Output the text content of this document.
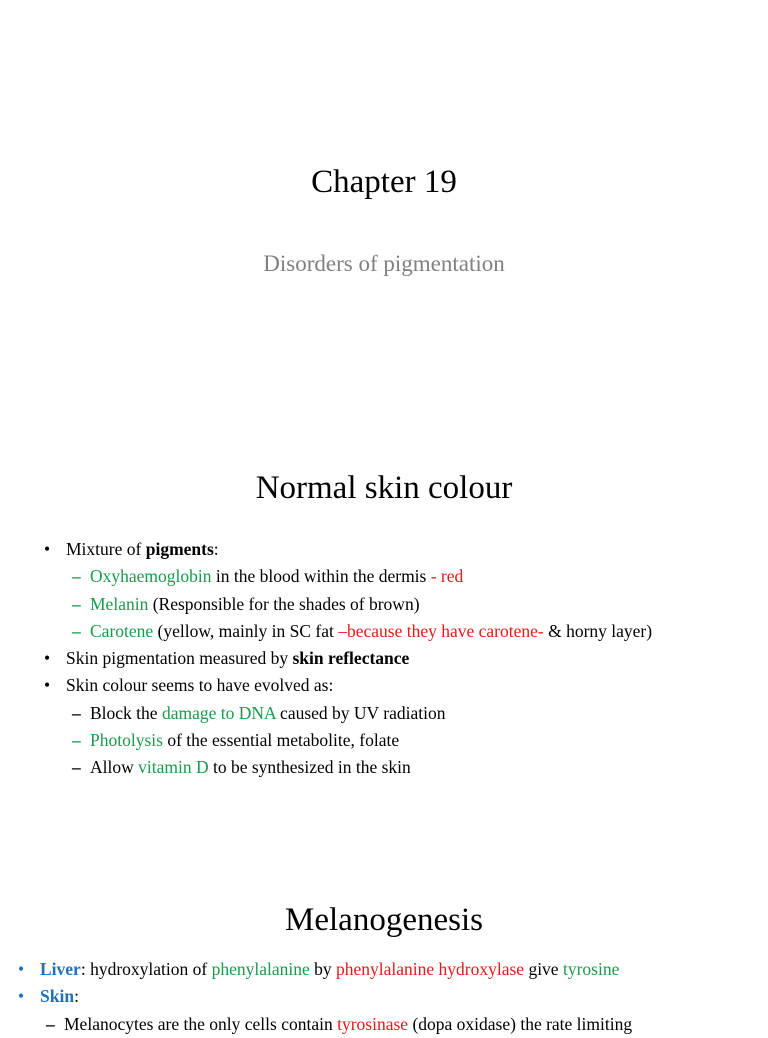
Chapter 19
Disorders of pigmentation
Normal skin colour
• Mixture of pigments:
– Oxyhaemoglobin in the blood within the dermis - red
– Melanin (Responsible for the shades of brown)
– Carotene (yellow, mainly in SC fat –because they have carotene- & horny layer)
• Skin pigmentation measured by skin reflectance
• Skin colour seems to have evolved as:
– Block the damage to DNA caused by UV radiation
– Photolysis of the essential metabolite, folate
– Allow vitamin D to be synthesized in the skin
Melanogenesis
• Liver: hydroxylation of phenylalanine by phenylalanine hydroxylase give tyrosine
• Skin:
– Melanocytes are the only cells contain tyrosinase (dopa oxidase) the rate limiting
